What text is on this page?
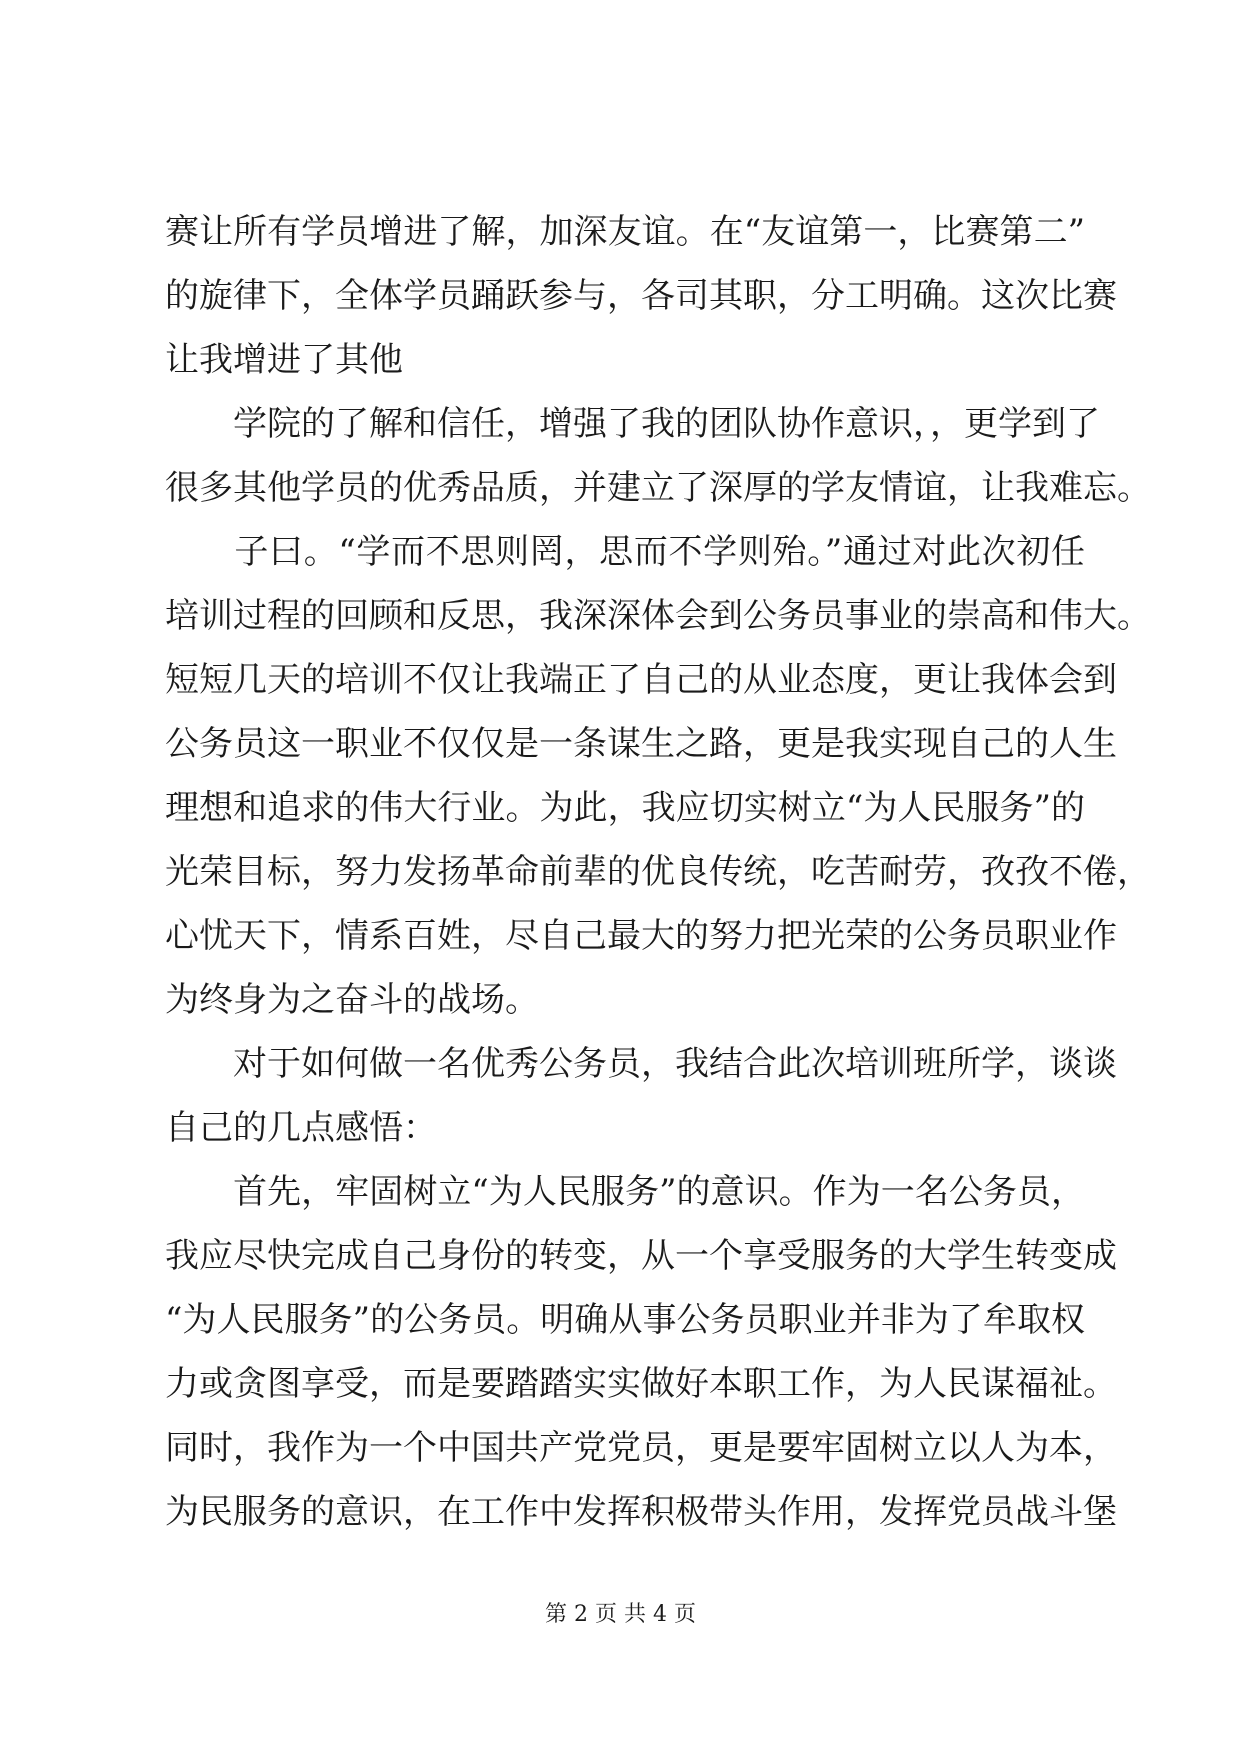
赛让所有学员增进了解，加深友谊。在“友谊第一，比赛第二”
的旋律下，全体学员踊跃参与，各司其职，分工明确。这次比赛
让我增进了其他
　　学院的了解和信任，增强了我的团队协作意识，，更学到了
很多其他学员的优秀品质，并建立了深厚的学友情谊，让我难忘。
　　子曰。“学而不思则罔，思而不学则殆。”通过对此次初任
培训过程的回顾和反思，我深深体会到公务员事业的崇高和伟大。
短短几天的培训不仅让我端正了自己的从业态度，更让我体会到
公务员这一职业不仅仅是一条谋生之路，更是我实现自己的人生
理想和追求的伟大行业。为此，我应切实树立“为人民服务”的
光荣目标，努力发扬革命前辈的优良传统，吃苦耐劳，孜孜不倦，
心忧天下，情系百姓，尽自己最大的努力把光荣的公务员职业作
为终身为之奋斗的战场。
　　对于如何做一名优秀公务员，我结合此次培训班所学，谈谈
自己的几点感悟：
　　首先，牢固树立“为人民服务”的意识。作为一名公务员，
我应尽快完成自己身份的转变，从一个享受服务的大学生转变成
“为人民服务”的公务员。明确从事公务员职业并非为了牟取权
力或贪图享受，而是要踏踏实实做好本职工作，为人民谋福祉。
同时，我作为一个中国共产党党员，更是要牢固树立以人为本，
为民服务的意识，在工作中发挥积极带头作用，发挥党员战斗堡
第 2 页 共 4 页
